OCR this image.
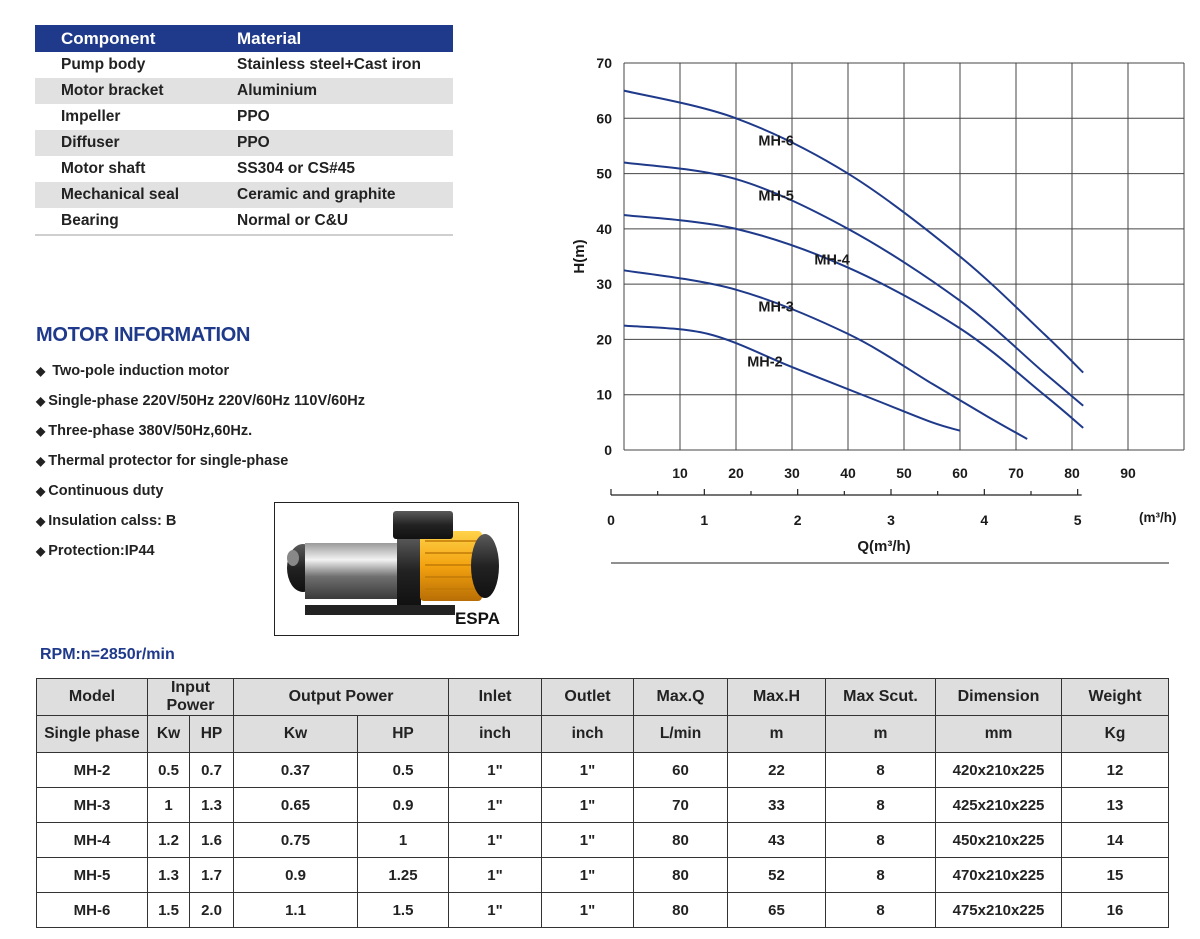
Component	Material
Pump body	Stainless steel+Cast iron
Motor bracket	Aluminium
Impeller	PPO
Diffuser	PPO
Motor shaft	SS304 or CS#45
Mechanical seal	Ceramic and graphite
Bearing	Normal or C&U
MOTOR INFORMATION
◆ Two-pole induction motor
◆ Single-phase 220V/50Hz 220V/60Hz 110V/60Hz
◆ Three-phase 380V/50Hz,60Hz.
◆ Thermal protector for single-phase
◆ Continuous duty
◆ Insulation calss: B
◆ Protection:IP44
ESPA
RPM:n=2850r/min
Model	Input Power		Output Power		Inlet	Outlet	Max.Q	Max.H	Max Scut.	Dimension	Weight
Single phase	Kw	HP	Kw	HP	inch	inch	L/min	m	m	mm	Kg
MH-2	0.5	0.7	0.37	0.5	1"	1"	60	22	8	420x210x225	12
MH-3	1	1.3	0.65	0.9	1"	1"	70	33	8	425x210x225	13
MH-4	1.2	1.6	0.75	1	1"	1"	80	43	8	450x210x225	14
MH-5	1.3	1.7	0.9	1.25	1"	1"	80	52	8	470x210x225	15
MH-6	1.5	2.0	1.1	1.5	1"	1"	80	65	8	475x210x225	16
0
10
20
30
40
50
60
70
H(m)
10	20	30	40	50	60	70	80	90
0	1	2	3	4	5	(m³/h)
Q(m³/h)
MH-6
MH-5
MH-4
MH-3
MH-2
